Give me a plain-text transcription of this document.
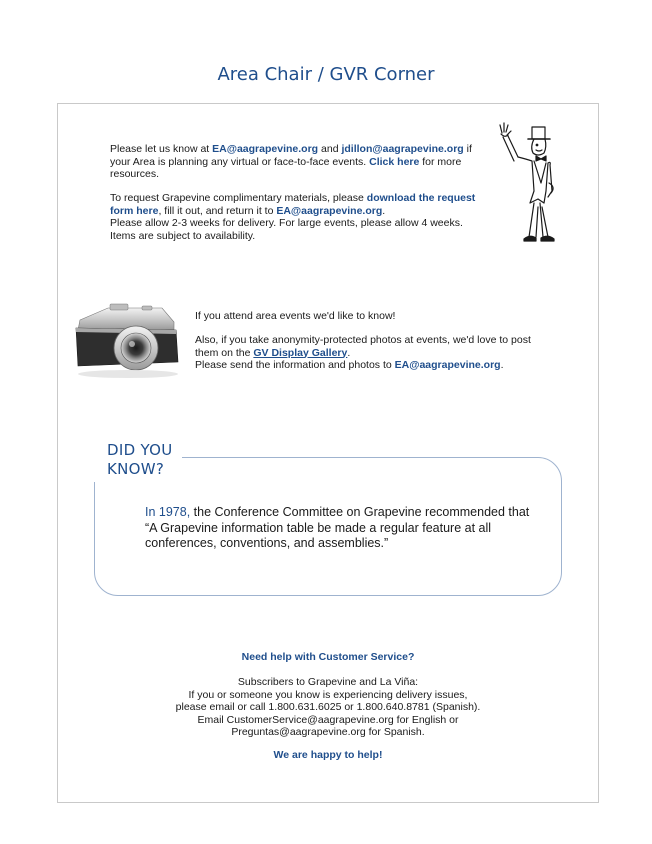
Area Chair / GVR Corner

Please let us know at EA@aagrapevine.org and jdillon@aagrapevine.org if your Area is planning any virtual or face-to-face events. Click here for more resources.

To request Grapevine complimentary materials, please download the request form here, fill it out, and return it to EA@aagrapevine.org.
Please allow 2-3 weeks for delivery. For large events, please allow 4 weeks.
Items are subject to availability.

If you attend area events we'd like to know!

Also, if you take anonymity-protected photos at events, we'd love to post them on the GV Display Gallery.
Please send the information and photos to EA@aagrapevine.org.

DID YOU
KNOW?

In 1978, the Conference Committee on Grapevine recommended that “A Grapevine information table be made a regular feature at all conferences, conventions, and assemblies.”

Need help with Customer Service?
Subscribers to Grapevine and La Viña:
If you or someone you know is experiencing delivery issues,
please email or call 1.800.631.6025 or 1.800.640.8781 (Spanish).
Email CustomerService@aagrapevine.org for English or
Preguntas@aagrapevine.org for Spanish.
We are happy to help!
